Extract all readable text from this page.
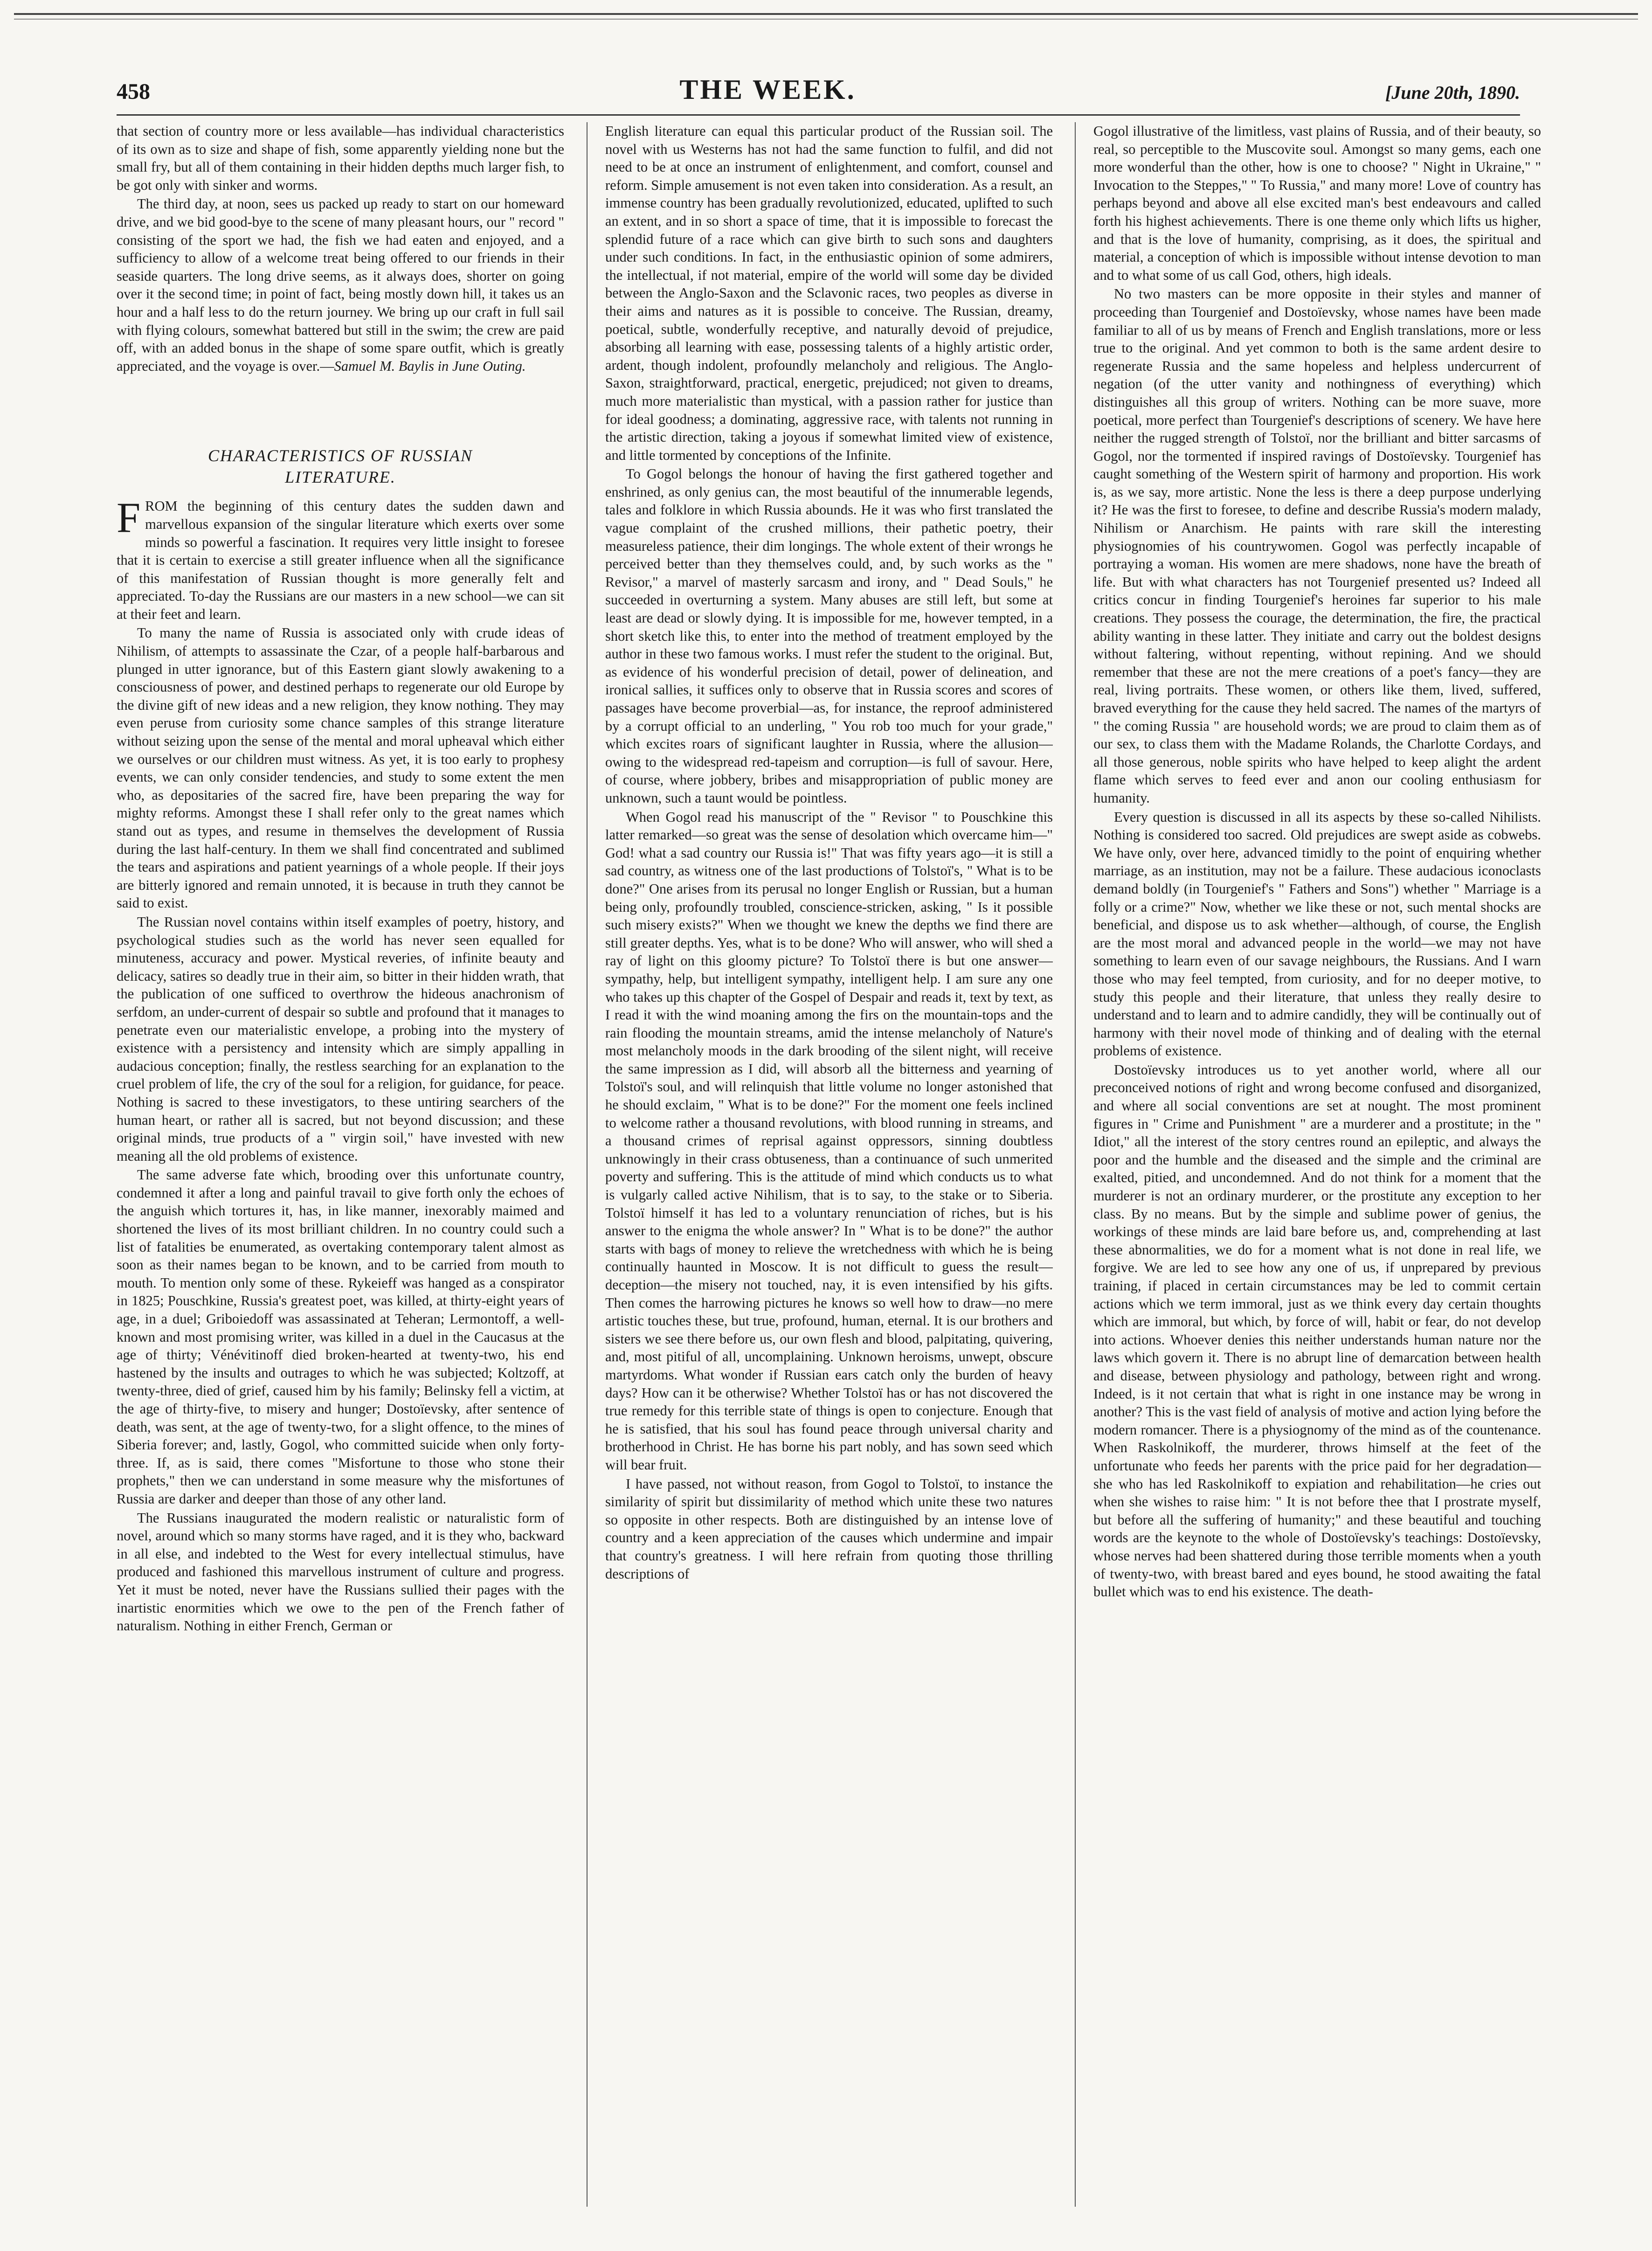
458	THE WEEK.	[June 20th, 1890.

that section of country more or less available—has individual characteristics of its own as to size and shape of fish, some apparently yielding none but the small fry, but all of them containing in their hidden depths much larger fish, to be got only with sinker and worms.

The third day, at noon, sees us packed up ready to start on our homeward drive, and we bid good-bye to the scene of many pleasant hours, our " record " consisting of the sport we had, the fish we had eaten and enjoyed, and a sufficiency to allow of a welcome treat being offered to our friends in their seaside quarters. The long drive seems, as it always does, shorter on going over it the second time; in point of fact, being mostly down hill, it takes us an hour and a half less to do the return journey. We bring up our craft in full sail with flying colours, somewhat battered but still in the swim; the crew are paid off, with an added bonus in the shape of some spare outfit, which is greatly appreciated, and the voyage is over.—Samuel M. Baylis in June Outing.

CHARACTERISTICS OF RUSSIAN
LITERATURE.

FROM the beginning of this century dates the sudden dawn and marvellous expansion of the singular literature which exerts over some minds so powerful a fascination. It requires very little insight to foresee that it is certain to exercise a still greater influence when all the significance of this manifestation of Russian thought is more generally felt and appreciated. To-day the Russians are our masters in a new school—we can sit at their feet and learn.

To many the name of Russia is associated only with crude ideas of Nihilism, of attempts to assassinate the Czar, of a people half-barbarous and plunged in utter ignorance, but of this Eastern giant slowly awakening to a consciousness of power, and destined perhaps to regenerate our old Europe by the divine gift of new ideas and a new religion, they know nothing. They may even peruse from curiosity some chance samples of this strange literature without seizing upon the sense of the mental and moral upheaval which either we ourselves or our children must witness. As yet, it is too early to prophesy events, we can only consider tendencies, and study to some extent the men who, as depositaries of the sacred fire, have been preparing the way for mighty reforms. Amongst these I shall refer only to the great names which stand out as types, and resume in themselves the development of Russia during the last half-century. In them we shall find concentrated and sublimed the tears and aspirations and patient yearnings of a whole people. If their joys are bitterly ignored and remain unnoted, it is because in truth they cannot be said to exist.

The Russian novel contains within itself examples of poetry, history, and psychological studies such as the world has never seen equalled for minuteness, accuracy and power. Mystical reveries, of infinite beauty and delicacy, satires so deadly true in their aim, so bitter in their hidden wrath, that the publication of one sufficed to overthrow the hideous anachronism of serfdom, an under-current of despair so subtle and profound that it manages to penetrate even our materialistic envelope, a probing into the mystery of existence with a persistency and intensity which are simply appalling in audacious conception; finally, the restless searching for an explanation to the cruel problem of life, the cry of the soul for a religion, for guidance, for peace. Nothing is sacred to these investigators, to these untiring searchers of the human heart, or rather all is sacred, but not beyond discussion; and these original minds, true products of a " virgin soil," have invested with new meaning all the old problems of existence.

The same adverse fate which, brooding over this unfortunate country, condemned it after a long and painful travail to give forth only the echoes of the anguish which tortures it, has, in like manner, inexorably maimed and shortened the lives of its most brilliant children. In no country could such a list of fatalities be enumerated, as overtaking contemporary talent almost as soon as their names began to be known, and to be carried from mouth to mouth. To mention only some of these. Rykeieff was hanged as a conspirator in 1825; Pouschkine, Russia's greatest poet, was killed, at thirty-eight years of age, in a duel; Griboiedoff was assassinated at Teheran; Lermontoff, a well-known and most promising writer, was killed in a duel in the Caucasus at the age of thirty; Vénévitinoff died broken-hearted at twenty-two, his end hastened by the insults and outrages to which he was subjected; Koltzoff, at twenty-three, died of grief, caused him by his family; Belinsky fell a victim, at the age of thirty-five, to misery and hunger; Dostoïevsky, after sentence of death, was sent, at the age of twenty-two, for a slight offence, to the mines of Siberia forever; and, lastly, Gogol, who committed suicide when only forty-three. If, as is said, there comes "Misfortune to those who stone their prophets," then we can understand in some measure why the misfortunes of Russia are darker and deeper than those of any other land.

The Russians inaugurated the modern realistic or naturalistic form of novel, around which so many storms have raged, and it is they who, backward in all else, and indebted to the West for every intellectual stimulus, have produced and fashioned this marvellous instrument of culture and progress. Yet it must be noted, never have the Russians sullied their pages with the inartistic enormities which we owe to the pen of the French father of naturalism. Nothing in either French, German or

English literature can equal this particular product of the Russian soil. The novel with us Westerns has not had the same function to fulfil, and did not need to be at once an instrument of enlightenment, and comfort, counsel and reform. Simple amusement is not even taken into consideration. As a result, an immense country has been gradually revolutionized, educated, uplifted to such an extent, and in so short a space of time, that it is impossible to forecast the splendid future of a race which can give birth to such sons and daughters under such conditions. In fact, in the enthusiastic opinion of some admirers, the intellectual, if not material, empire of the world will some day be divided between the Anglo-Saxon and the Sclavonic races, two peoples as diverse in their aims and natures as it is possible to conceive. The Russian, dreamy, poetical, subtle, wonderfully receptive, and naturally devoid of prejudice, absorbing all learning with ease, possessing talents of a highly artistic order, ardent, though indolent, profoundly melancholy and religious. The Anglo-Saxon, straightforward, practical, energetic, prejudiced; not given to dreams, much more materialistic than mystical, with a passion rather for justice than for ideal goodness; a dominating, aggressive race, with talents not running in the artistic direction, taking a joyous if somewhat limited view of existence, and little tormented by conceptions of the Infinite.

To Gogol belongs the honour of having the first gathered together and enshrined, as only genius can, the most beautiful of the innumerable legends, tales and folklore in which Russia abounds. He it was who first translated the vague complaint of the crushed millions, their pathetic poetry, their measureless patience, their dim longings. The whole extent of their wrongs he perceived better than they themselves could, and, by such works as the " Revisor," a marvel of masterly sarcasm and irony, and " Dead Souls," he succeeded in overturning a system. Many abuses are still left, but some at least are dead or slowly dying. It is impossible for me, however tempted, in a short sketch like this, to enter into the method of treatment employed by the author in these two famous works. I must refer the student to the original. But, as evidence of his wonderful precision of detail, power of delineation, and ironical sallies, it suffices only to observe that in Russia scores and scores of passages have become proverbial—as, for instance, the reproof administered by a corrupt official to an underling, " You rob too much for your grade," which excites roars of significant laughter in Russia, where the allusion—owing to the widespread red-tapeism and corruption—is full of savour. Here, of course, where jobbery, bribes and misappropriation of public money are unknown, such a taunt would be pointless.

When Gogol read his manuscript of the " Revisor " to Pouschkine this latter remarked—so great was the sense of desolation which overcame him—" God! what a sad country our Russia is!" That was fifty years ago—it is still a sad country, as witness one of the last productions of Tolstoï's, " What is to be done?" One arises from its perusal no longer English or Russian, but a human being only, profoundly troubled, conscience-stricken, asking, " Is it possible such misery exists?" When we thought we knew the depths we find there are still greater depths. Yes, what is to be done? Who will answer, who will shed a ray of light on this gloomy picture? To Tolstoï there is but one answer—sympathy, help, but intelligent sympathy, intelligent help. I am sure any one who takes up this chapter of the Gospel of Despair and reads it, text by text, as I read it with the wind moaning among the firs on the mountain-tops and the rain flooding the mountain streams, amid the intense melancholy of Nature's most melancholy moods in the dark brooding of the silent night, will receive the same impression as I did, will absorb all the bitterness and yearning of Tolstoï's soul, and will relinquish that little volume no longer astonished that he should exclaim, " What is to be done?" For the moment one feels inclined to welcome rather a thousand revolutions, with blood running in streams, and a thousand crimes of reprisal against oppressors, sinning doubtless unknowingly in their crass obtuseness, than a continuance of such unmerited poverty and suffering. This is the attitude of mind which conducts us to what is vulgarly called active Nihilism, that is to say, to the stake or to Siberia. Tolstoï himself it has led to a voluntary renunciation of riches, but is his answer to the enigma the whole answer? In " What is to be done?" the author starts with bags of money to relieve the wretchedness with which he is being continually haunted in Moscow. It is not difficult to guess the result—deception—the misery not touched, nay, it is even intensified by his gifts. Then comes the harrowing pictures he knows so well how to draw—no mere artistic touches these, but true, profound, human, eternal. It is our brothers and sisters we see there before us, our own flesh and blood, palpitating, quivering, and, most pitiful of all, uncomplaining. Unknown heroisms, unwept, obscure martyrdoms. What wonder if Russian ears catch only the burden of heavy days? How can it be otherwise? Whether Tolstoï has or has not discovered the true remedy for this terrible state of things is open to conjecture. Enough that he is satisfied, that his soul has found peace through universal charity and brotherhood in Christ. He has borne his part nobly, and has sown seed which will bear fruit.

I have passed, not without reason, from Gogol to Tolstoï, to instance the similarity of spirit but dissimilarity of method which unite these two natures so opposite in other respects. Both are distinguished by an intense love of country and a keen appreciation of the causes which undermine and impair that country's greatness. I will here refrain from quoting those thrilling descriptions of

Gogol illustrative of the limitless, vast plains of Russia, and of their beauty, so real, so perceptible to the Muscovite soul. Amongst so many gems, each one more wonderful than the other, how is one to choose? " Night in Ukraine," " Invocation to the Steppes," " To Russia," and many more! Love of country has perhaps beyond and above all else excited man's best endeavours and called forth his highest achievements. There is one theme only which lifts us higher, and that is the love of humanity, comprising, as it does, the spiritual and material, a conception of which is impossible without intense devotion to man and to what some of us call God, others, high ideals.

No two masters can be more opposite in their styles and manner of proceeding than Tourgenief and Dostoïevsky, whose names have been made familiar to all of us by means of French and English translations, more or less true to the original. And yet common to both is the same ardent desire to regenerate Russia and the same hopeless and helpless undercurrent of negation (of the utter vanity and nothingness of everything) which distinguishes all this group of writers. Nothing can be more suave, more poetical, more perfect than Tourgenief's descriptions of scenery. We have here neither the rugged strength of Tolstoï, nor the brilliant and bitter sarcasms of Gogol, nor the tormented if inspired ravings of Dostoïevsky. Tourgenief has caught something of the Western spirit of harmony and proportion. His work is, as we say, more artistic. None the less is there a deep purpose underlying it? He was the first to foresee, to define and describe Russia's modern malady, Nihilism or Anarchism. He paints with rare skill the interesting physiognomies of his countrywomen. Gogol was perfectly incapable of portraying a woman. His women are mere shadows, none have the breath of life. But with what characters has not Tourgenief presented us? Indeed all critics concur in finding Tourgenief's heroines far superior to his male creations. They possess the courage, the determination, the fire, the practical ability wanting in these latter. They initiate and carry out the boldest designs without faltering, without repenting, without repining. And we should remember that these are not the mere creations of a poet's fancy—they are real, living portraits. These women, or others like them, lived, suffered, braved everything for the cause they held sacred. The names of the martyrs of " the coming Russia " are household words; we are proud to claim them as of our sex, to class them with the Madame Rolands, the Charlotte Cordays, and all those generous, noble spirits who have helped to keep alight the ardent flame which serves to feed ever and anon our cooling enthusiasm for humanity.

Every question is discussed in all its aspects by these so-called Nihilists. Nothing is considered too sacred. Old prejudices are swept aside as cobwebs. We have only, over here, advanced timidly to the point of enquiring whether marriage, as an institution, may not be a failure. These audacious iconoclasts demand boldly (in Tourgenief's " Fathers and Sons") whether " Marriage is a folly or a crime?" Now, whether we like these or not, such mental shocks are beneficial, and dispose us to ask whether—although, of course, the English are the most moral and advanced people in the world—we may not have something to learn even of our savage neighbours, the Russians. And I warn those who may feel tempted, from curiosity, and for no deeper motive, to study this people and their literature, that unless they really desire to understand and to learn and to admire candidly, they will be continually out of harmony with their novel mode of thinking and of dealing with the eternal problems of existence.

Dostoïevsky introduces us to yet another world, where all our preconceived notions of right and wrong become confused and disorganized, and where all social conventions are set at nought. The most prominent figures in " Crime and Punishment " are a murderer and a prostitute; in the " Idiot," all the interest of the story centres round an epileptic, and always the poor and the humble and the diseased and the simple and the criminal are exalted, pitied, and uncondemned. And do not think for a moment that the murderer is not an ordinary murderer, or the prostitute any exception to her class. By no means. But by the simple and sublime power of genius, the workings of these minds are laid bare before us, and, comprehending at last these abnormalities, we do for a moment what is not done in real life, we forgive. We are led to see how any one of us, if unprepared by previous training, if placed in certain circumstances may be led to commit certain actions which we term immoral, just as we think every day certain thoughts which are immoral, but which, by force of will, habit or fear, do not develop into actions. Whoever denies this neither understands human nature nor the laws which govern it. There is no abrupt line of demarcation between health and disease, between physiology and pathology, between right and wrong. Indeed, is it not certain that what is right in one instance may be wrong in another? This is the vast field of analysis of motive and action lying before the modern romancer. There is a physiognomy of the mind as of the countenance. When Raskolnikoff, the murderer, throws himself at the feet of the unfortunate who feeds her parents with the price paid for her degradation—she who has led Raskolnikoff to expiation and rehabilitation—he cries out when she wishes to raise him: " It is not before thee that I prostrate myself, but before all the suffering of humanity;" and these beautiful and touching words are the keynote to the whole of Dostoïevsky's teachings: Dostoïevsky, whose nerves had been shattered during those terrible moments when a youth of twenty-two, with breast bared and eyes bound, he stood awaiting the fatal bullet which was to end his existence. The death-
